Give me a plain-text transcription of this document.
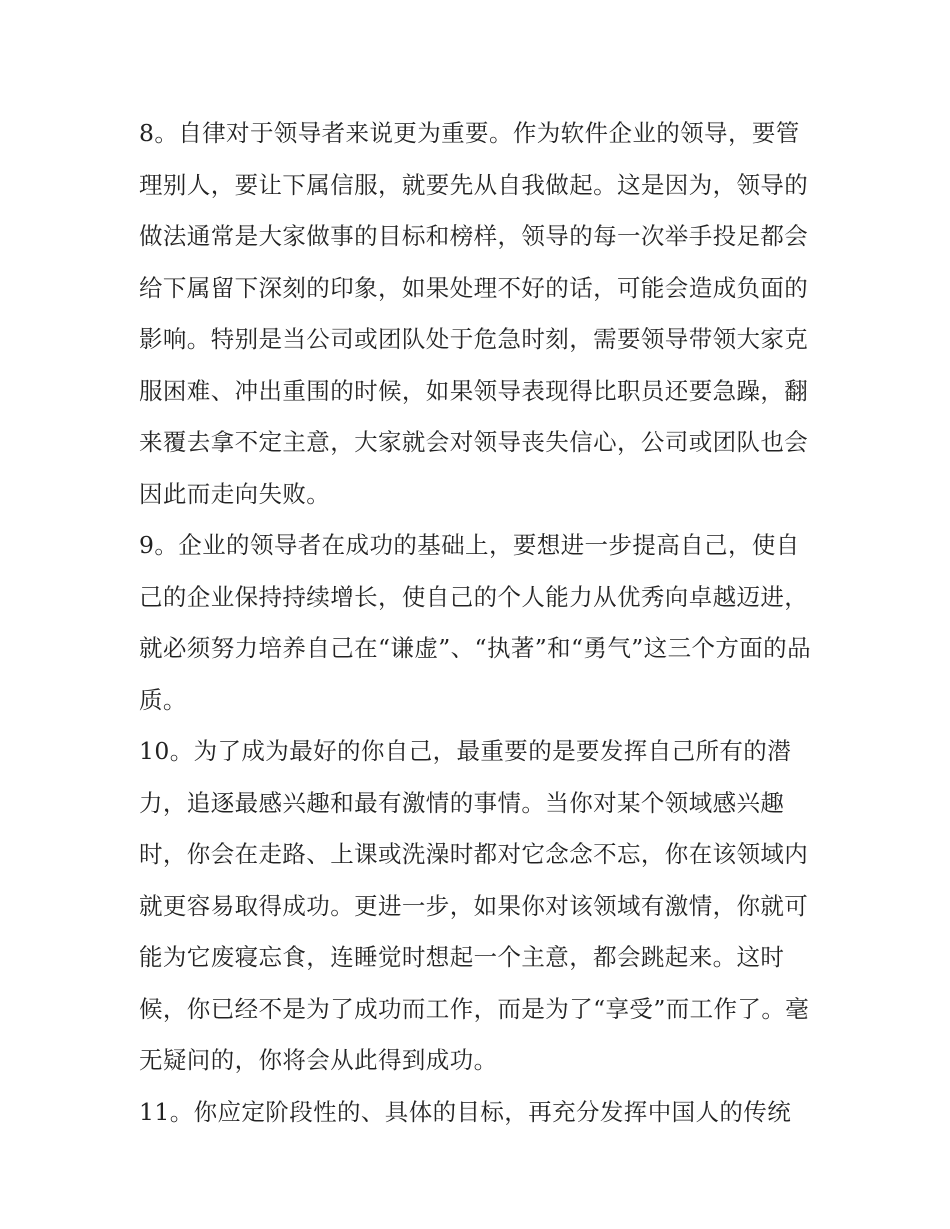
8。自律对于领导者来说更为重要。作为软件企业的领导，要管理别人，要让下属信服，就要先从自我做起。这是因为，领导的做法通常是大家做事的目标和榜样，领导的每一次举手投足都会给下属留下深刻的印象，如果处理不好的话，可能会造成负面的影响。特别是当公司或团队处于危急时刻，需要领导带领大家克服困难、冲出重围的时候，如果领导表现得比职员还要急躁，翻来覆去拿不定主意，大家就会对领导丧失信心，公司或团队也会因此而走向失败。

9。企业的领导者在成功的基础上，要想进一步提高自己，使自己的企业保持持续增长，使自己的个人能力从优秀向卓越迈进，就必须努力培养自己在“谦虚”、“执著”和“勇气”这三个方面的品质。

10。为了成为最好的你自己，最重要的是要发挥自己所有的潜力，追逐最感兴趣和最有激情的事情。当你对某个领域感兴趣时，你会在走路、上课或洗澡时都对它念念不忘，你在该领域内就更容易取得成功。更进一步，如果你对该领域有激情，你就可能为它废寝忘食，连睡觉时想起一个主意，都会跳起来。这时候，你已经不是为了成功而工作，而是为了“享受”而工作了。毫无疑问的，你将会从此得到成功。

11。你应定阶段性的、具体的目标，再充分发挥中国人的传统
